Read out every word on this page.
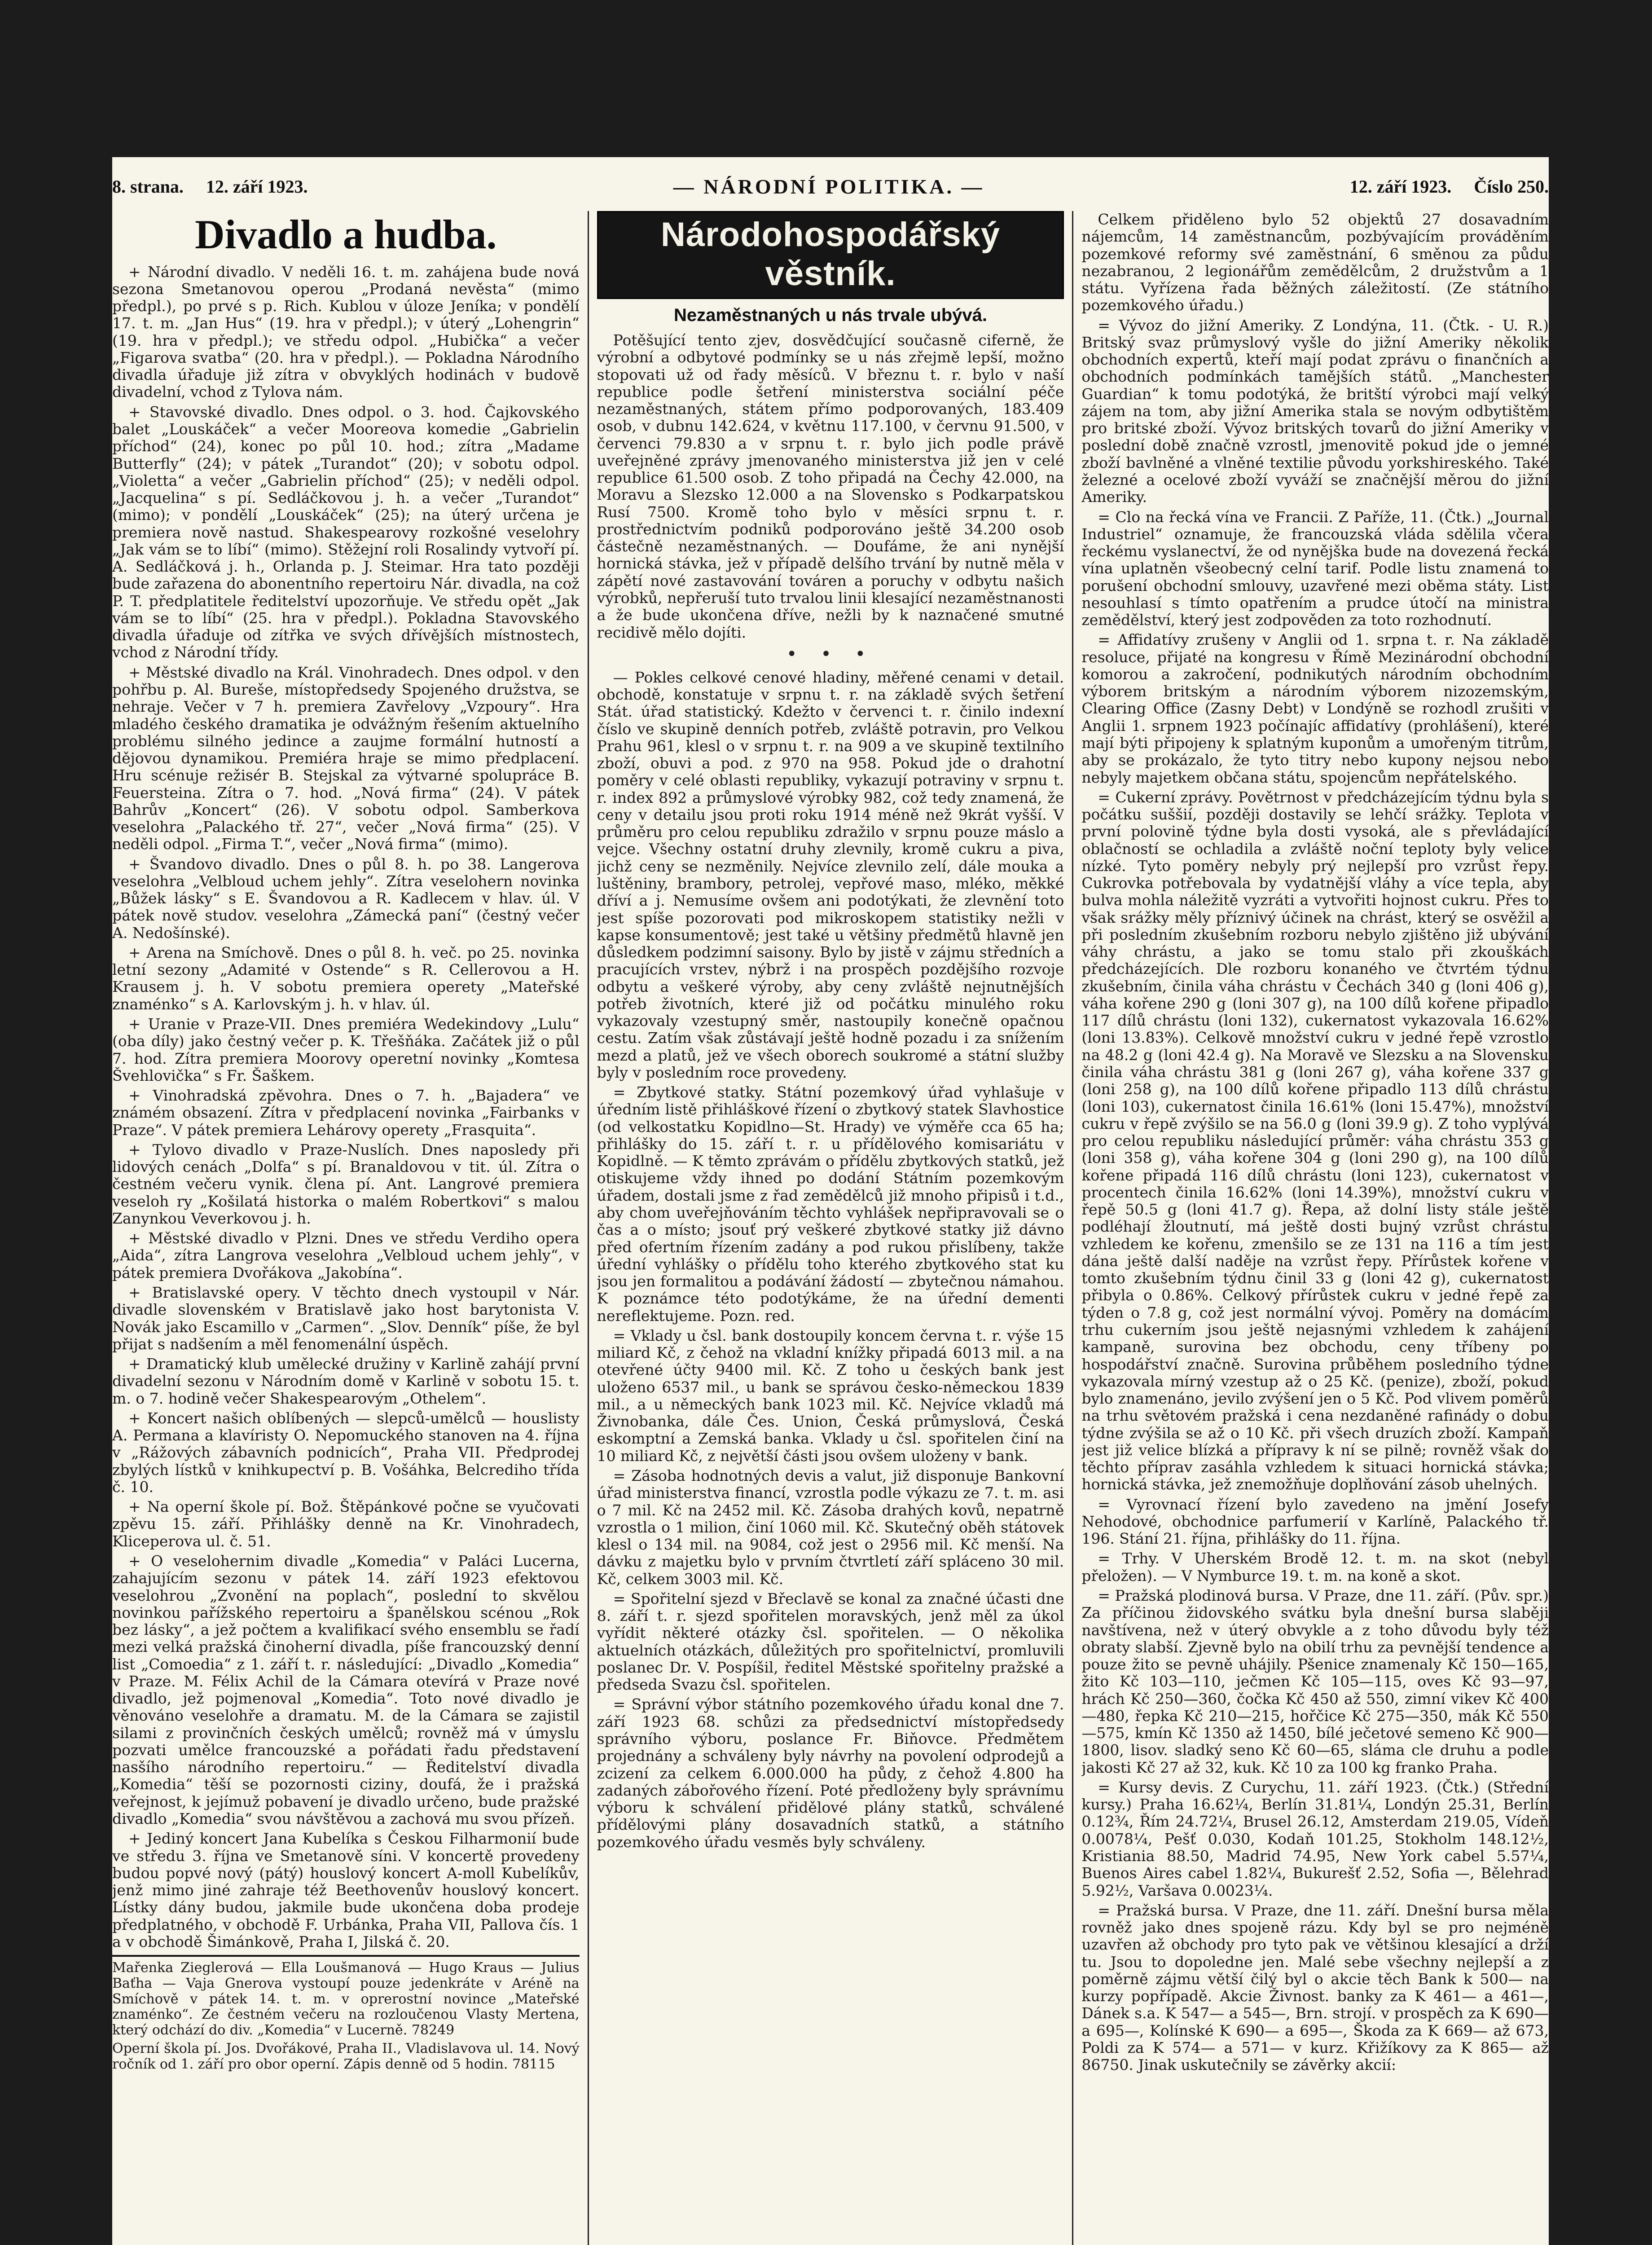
8. strana. 12. září 1923.	— NÁRODNÍ POLITIKA. —	12. září 1923. Číslo 250.
Divadlo a hudba.

+ Národní divadlo. V neděli 16. t. m. zahájena bude nová sezona Smetanovou operou „Prodaná nevěsta“ (mimo předpl.), po prvé s p. Rich. Kublou v úloze Jeníka; v pondělí 17. t. m. „Jan Hus“ (19. hra v předpl.); v úterý „Lohengrin“ (19. hra v předpl.); ve středu odpol. „Hubička“ a večer „Figarova svatba“ (20. hra v předpl.). — Pokladna Národního divadla úřaduje již zítra v obvyklých hodinách v budově divadelní, vchod z Tylova nám.

+ Stavovské divadlo. Dnes odpol. o 3. hod. Čajkovského balet „Louskáček“ a večer Mooreova komedie „Gabrielin příchod“ (24), konec po půl 10. hod.; zítra „Madame Butterfly“ (24); v pátek „Turandot“ (20); v sobotu odpol. „Violetta“ a večer „Gabrielin příchod“ (25); v neděli odpol. „Jacquelina“ s pí. Sedláčkovou j. h. a večer „Turandot“ (mimo); v pondělí „Louskáček“ (25); na úterý určena je premiera nově nastud. Shakespearovy rozkošné veselohry „Jak vám se to líbí“ (mimo). Stěžejní roli Rosalindy vytvoří pí. A. Sedláčková j. h., Orlanda p. J. Steimar. Hra tato později bude zařazena do abonentního repertoiru Nár. divadla, na což P. T. předplatitele ředitelství upozorňuje. Ve středu opět „Jak vám se to líbí“ (25. hra v předpl.). Pokladna Stavovského divadla úřaduje od zítřka ve svých dřívějších místnostech, vchod z Národní třídy.

+ Městské divadlo na Král. Vinohradech. Dnes odpol. v den pohřbu p. Al. Bureše, místopředsedy Spojeného družstva, se nehraje. Večer v 7 h. premiera Zavřelovy „Vzpoury“. Hra mladého českého dramatika je odvážným řešením aktuelního problému silného jedince a zaujme formální hutností a dějovou dynamikou. Premiéra hraje se mimo předplacení. Hru scénuje režisér B. Stejskal za výtvarné spolupráce B. Feuersteina. Zítra o 7. hod. „Nová firma“ (24). V pátek Bahrův „Koncert“ (26). V sobotu odpol. Samberkova veselohra „Palackého tř. 27“, večer „Nová firma“ (25). V neděli odpol. „Firma T.“, večer „Nová firma“ (mimo).

+ Švandovo divadlo. Dnes o půl 8. h. po 38. Langerova veselohra „Velbloud uchem jehly“. Zítra veselohern novinka „Bůžek lásky“ s E. Švandovou a R. Kadlecem v hlav. úl. V pátek nově studov. veselohra „Zámecká paní“ (čestný večer A. Nedošínské).

+ Arena na Smíchově. Dnes o půl 8. h. več. po 25. novinka letní sezony „Adamité v Ostende“ s R. Cellerovou a H. Krausem j. h. V sobotu premiera operety „Mateřské znaménko“ s A. Karlovským j. h. v hlav. úl.

+ Uranie v Praze-VII. Dnes premiéra Wedekindovy „Lulu“ (oba díly) jako čestný večer p. K. Třešňáka. Začátek již o půl 7. hod. Zítra premiera Moorovy operetní novinky „Komtesa Švehlovička“ s Fr. Šaškem.

+ Vinohradská zpěvohra. Dnes o 7. h. „Bajadera“ ve známém obsazení. Zítra v předplacení novinka „Fairbanks v Praze“. V pátek premiera Lehárovy operety „Frasquita“.

+ Tylovo divadlo v Praze-Nuslích. Dnes naposledy při lidových cenách „Dolfa“ s pí. Branaldovou v tit. úl. Zítra o čestném večeru vynik. členа pí. Ant. Langrové premiera veseloh ry „Košilatá historka o malém Robertkovi“ s malou Zanynkou Veverkovou j. h.

+ Městské divadlo v Plzni. Dnes ve středu Verdiho opera „Aida“, zítra Langrova veselohra „Velbloud uchem jehly“, v pátek premiera Dvořákova „Jakobína“.

+ Bratislavské opery. V těchto dnech vystoupil v Nár. divadle slovenském v Bratislavě jako host barytonista V. Novák jako Escamillo v „Carmen“. „Slov. Denník“ píše, že byl přijat s nadšením a měl fenomenální úspěch.

+ Dramatický klub umělecké družiny v Karlině zahájí první divadelní sezonu v Národním domě v Karlině v sobotu 15. t. m. o 7. hodině večer Shakespearovým „Othelem“.

+ Koncert našich oblíbených — slepců-umělců — houslisty A. Permana a klavíristy O. Nepomuckého stanoven na 4. října v „Rážových zábavních podnicích“, Praha VII. Předprodej zbylých lístků v knihkupectví p. B. Vošáhka, Belcrediho třída č. 10.

+ Na operní škole pí. Bož. Štěpánkové počne se vyučovati zpěvu 15. září. Přihlášky denně na Kr. Vinohradech, Kliceperova ul. č. 51.

+ O veselohernim divadle „Komedia“ v Paláci Lucerna, zahajujícím sezonu v pátek 14. září 1923 efektovou veselohrou „Zvonění na poplach“, poslední to skvělou novinkou pařížského repertoiru a španělskou scénou „Rok bez lásky“, a jež počtem a kvalifikací svého ensemblu se řadí mezi velká pražská činoherní divadla, píše francouzský denní list „Comoedia“ z 1. září t. r. následující: „Divadlo „Komedia“ v Praze. M. Félix Achil de la Cámara otevírá v Praze nové divadlo, jež pojmenoval „Komedia“. Toto nové divadlo je věnováno veselohře a dramatu. M. de la Cámara se zajistil silami z provinčních českých umělců; rovněž má v úmyslu pozvati umělce francouzské a pořádati řadu představení nasšího národního repertoiru.“ — Ředitelství divadla „Komedia“ těší se pozornosti cizinу, doufá, že i pražská veřejnost, k jejímuž pobavení je divadlo určeno, bude pražské divadlo „Komedia“ svou návštěvou a zachová mu svou přízeň.

+ Jediný koncert Jana Kubelíka s Českou Filharmonií bude ve středu 3. října ve Smetanově síni. V koncertě provedeny budou popvé nový (pátý) houslový koncert A-moll Kubelíkův, jenž mimo jiné zahraje též Beethovenův houslový koncert. Lístky dány budou, jakmile bude ukončena doba prodeje předplatného, v obchodě F. Urbánka, Praha VII, Pallova čís. 1 a v obchodě Šimánkově, Praha I, Jilská č. 20.

Mařenka Zieglerová — Ella Loušmanová — Hugo Kraus — Julius Baťha — Vaja Gnerova vystoupí pouze jedenkráte v Aréně na Smíchově v pátek 14. t. m. v oprerostní novince „Mateřské znaménko“. Ze čestném večeru na rozloučenou Vlasty Mertena, který odchází do div. „Komedia“ v Lucerně. 78249

Operní škola pí. Jos. Dvořákové, Praha II., Vladislavova ul. 14. Nový ročník od 1. září pro obor operní. Zápis denně od 5 hodin. 78115

Národohospodářský věstník.
Nezaměstnaných u nás trvale ubývá.

Potěšující tento zjev, dosvědčující současně ciferně, že výrobní a odbytové podmínky se u nás zřejmě lepší, možno stopovati už od řady měsíců. V březnu t. r. bylo v naší republice podle šetření ministerstva sociální péče nezaměstnaných, státem přímo podporovaných, 183.409 osob, v dubnu 142.624, v květnu 117.100, v červnu 91.500, v červenci 79.830 a v srpnu t. r. bylo jich podle právě uveřejněné zprávy jmenovaného ministerstva již jen v celé republice 61.500 osob. Z toho připadá na Čechy 42.000, na Moravu a Slezsko 12.000 a na Slovensko s Podkarpatskou Rusí 7500. Kromě toho bylo v měsíci srpnu t. r. prostřednictvím podniků podporováno ještě 34.200 osob částečně nezaměstnaných. — Doufáme, že ani nynější hornická stávka, jež v případě delšího trvání by nutně měla v zápětí nové zastavování továren a poruchy v odbytu našich výrobků, nepřeruší tuto trvalou linii klesající nezaměstnanosti a že bude ukončena dříve, nežli by k naznačené smutné recidivě mělo dojíti.

• • •

— Pokles celkové cenové hladiny, měřené cenami v detail. obchodě, konstatuje v srpnu t. r. na základě svých šetření Stát. úřad statistický. Kdežto v červenci t. r. činilo indexní číslo ve skupině denních potřeb, zvláště potravin, pro Velkou Prahu 961, klesl o v srpnu t. r. na 909 a ve skupině textilního zboží, obuvi a pod. z 970 na 958. Pokud jde o drahotní poměry v celé oblasti republiky, vykazují potraviny v srpnu t. r. index 892 a průmyslové výrobky 982, což tedy znamená, že ceny v detailu jsou proti roku 1914 méně než 9krát vyšší. V průměru pro celou republiku zdražilo v srpnu pouze máslo a vejce. Všechny ostatní druhy zlevnily, kromě cukru a piva, jichž ceny se nezměnily. Nejvíce zlevnilo zelí, dále mouka a luštěniny, brambory, petrolej, vepřové maso, mléko, měkké dříví a j. Nemusíme ovšem ani podotýkati, že zlevnění toto jest spíše pozorovati pod mikroskopem statistiky nežli v kapse konsumentově; jest také u většiny předmětů hlavně jen důsledkem podzimní saisony. Bylo by jistě v zájmu středních a pracujících vrstev, nýbrž i na prospěch pozdějšího rozvoje odbytu a veškeré výroby, aby ceny zvláště nejnutnějších potřeb životních, které již od počátku minulého roku vykazovaly vzestupný směr, nastoupily konečně opačnou cestu. Zatím však zůstávají ještě hodně pozadu i za snížením mezd a platů, jež ve všech oborech soukromé a státní služby byly v posledním roce provedeny.

= Zbytkové statky. Státní pozemkový úřad vyhlašuje v úředním listě přihláškové řízení o zbytkový statek Slavhostice (od velkostatku Kopidlno—St. Hrady) ve výměře cca 65 ha; přihlášky do 15. září t. r. u přídělového komisariátu v Kopidlně. — K těmto zprávám o přídělu zbytkových statků, jež otiskujeme vždy ihned po dodání Státním pozemkovým úřadem, dostali jsme z řad zemědělců již mnoho připisů i t.d., aby chom uveřejňováním těchto vyhlášek nepřipravovali se o čas a o místo; jsouť prý veškeré zbytkové statky již dávno před ofertním řízením zadány a pod rukou přislíbeny, takže úřední vyhlášky o přídělu toho kterého zbytkového stat ku jsou jen formalitou a podávání žádostí — zbytečnou námahou. K poznámce této podotýkáme, že na úřední dementi nereflektujeme. Pozn. red.

= Vklady u čsl. bank dostoupily koncem června t. r. výše 15 miliard Kč, z čehož na vkladní knížky připadá 6013 mil. a na otevřené účty 9400 mil. Kč. Z toho u českých bank jest uloženo 6537 mil., u bank se správou česko-německou 1839 mil., a u německých bank 1023 mil. Kč. Nejvíce vkladů má Živnobanka, dále Čes. Union, Česká průmyslová, Česká eskomptní a Zemská banka. Vklady u čsl. spořitelen činí na 10 miliard Kč, z největší části jsou ovšem uloženy v bank.

= Zásoba hodnotných devis a valut, již disponuje Bankovní úřad ministerstva financí, vzrostla podle výkazu ze 7. t. m. asi o 7 mil. Kč na 2452 mil. Kč. Zásoba drahých kovů, nepatrně vzrostla o 1 milion, činí 1060 mil. Kč. Skutečný oběh státovek klesl o 134 mil. na 9084, což jest o 2956 mil. Kč menší. Na dávku z majetku bylo v prvním čtvrtletí září spláceno 30 mil. Kč, celkem 3003 mil. Kč.

= Spořitelní sjezd v Břeclavě se konal za značné účasti dne 8. září t. r. sjezd spořitelen moravských, jenž měl za úkol vyřídit některé otázky čsl. spořitelen. — O několika aktuelních otázkách, důležitých pro spořitelnictví, promluvili poslanec Dr. V. Pospíšil, ředitel Městské spořitelny pražské a předseda Svazu čsl. spořitelen.

= Správní výbor státního pozemkového úřadu konal dne 7. září 1923 68. schůzi za předsednictví místopředsedy správního výboru, poslance Fr. Biňovce. Předmětem projednány a schváleny byly návrhy na povolení odprodejů a zcizení za celkem 6.000.000 ha půdy, z čehož 4.800 ha zadaných zábořového řízení. Poté předloženy byly správnímu výboru k schválení přidělové plány statků, schválené přídělovými plány dosavadních statků, a státního pozemkového úřadu vesměs byly schváleny.

Celkem přiděleno bylo 52 objektů 27 dosavadním nájemcům, 14 zaměstnancům, pozbývajícím prováděním pozemkové reformy své zaměstnání, 6 směnou za půdu nezabranou, 2 legionářům zemědělcům, 2 družstvům a 1 státu. Vyřízena řada běžných záležitostí. (Ze státního pozemkového úřadu.)

= Vývoz do jižní Ameriky. Z Londýna, 11. (Čtk. - U. R.) Britský svaz průmyslový vyšle do jižní Ameriky několik obchodních expertů, kteří mají podat zprávu o finančních a obchodních podmínkách tamějších států. „Manchester Guardian“ k tomu podotýká, že britští výrobci mají velký zájem na tom, aby jižní Amerika stala se novým odbytištěm pro britské zboží. Vývoz britských tovarů do jižní Ameriky v poslední době značně vzrostl, jmenovitě pokud jde o jemné zboží bavlněné a vlněné textilie původu yorkshireského. Také železné a ocelové zboží vyváží se značnější měrou do jižní Ameriky.

= Clo na řecká vína ve Francii. Z Paříže, 11. (Čtk.) „Journal Industriel“ oznamuje, že francouzská vláda sdělila včera řeckému vyslanectví, že od nynějška bude na dovezená řecká vína uplatněn všeobecný celní tarif. Podle listu znamená to porušení obchodní smlouvy, uzavřené mezi oběma státy. List nesouhlasí s tímto opatřením a prudce útočí na ministra zemědělství, který jest zodpověden za toto rozhodnutí.

= Affidatívy zrušeny v Anglii od 1. srpna t. r. Na základě resoluce, přijaté na kongresu v Římě Mezinárodní obchodní komorou a zakročení, podnikutých národním obchodním výborem britským a národním výborem nizozemským, Clearing Office (Zasny Debt) v Londýně se rozhodl zrušiti v Anglii 1. srpnem 1923 počínajíc affidatívy (prohlášení), které mají býti připojeny k splatným kuponům a umořeným titrům, aby se prokázalo, že tyto titry nebo kupony nejsou nebo nebyly majetkem občana státu, spojencům nepřátelského.

= Cukerní zprávy. Povětrnost v předcházejícím týdnu byla s počátku suššií, později dostavily se lehčí srážky. Teplota v první polovině týdne byla dosti vysoká, ale s převládající oblačností se ochladila a zvláště noční teploty byly velice nízké. Tyto poměry nebyly prý nejlepší pro vzrůst řepy. Cukrovka potřebovala by vydatnější vláhy a více tepla, aby bulva mohla náležitě vyzráti a vytvořiti hojnost cukru. Přes to však srážky měly příznivý účinek na chrást, který se osvěžil a při posledním zkušebním rozboru nebylo zjištěno již ubývání váhy chrástu, a jako se tomu stalo při zkouškách předcházejících. Dle rozboru konaného ve čtvrtém týdnu zkušebním, činila váha chrástu v Čechách 340 g (loni 406 g), váha kořene 290 g (loni 307 g), na 100 dílů kořene připadlo 117 dílů chrástu (loni 132), cukernatost vykazovala 16.62% (loni 13.83%). Celkově množství cukru v jedné řepě vzrostlo na 48.2 g (loni 42.4 g). Na Moravě ve Slezsku a na Slovensku činila váha chrástu 381 g (loni 267 g), váha kořene 337 g (loni 258 g), na 100 dílů kořene připadlo 113 dílů chrástu (loni 103), cukernatost činila 16.61% (loni 15.47%), množství cukru v řepě zvýšilo se na 56.0 g (loni 39.9 g). Z toho vyplývá pro celou republiku následující průměr: váha chrástu 353 g (loni 358 g), váha kořene 304 g (loni 290 g), na 100 dílů kořene připadá 116 dílů chrástu (loni 123), cukernatost v procentech činila 16.62% (loni 14.39%), množství cukru v řepě 50.5 g (loni 41.7 g). Řepa, až dolní listy stále ještě podléhají žloutnutí, má ještě dosti bujný vzrůst chrástu vzhledem ke kořenu, zmenšilo se ze 131 na 116 a tím jest dána ještě další naděje na vzrůst řepy. Přírůstek kořene v tomto zkušebním týdnu činil 33 g (loni 42 g), cukernatost přibyla o 0.86%. Celkový přírůstek cukru v jedné řepě za týden o 7.8 g, což jest normální vývoj. Poměry na domácím trhu cukerním jsou ještě nejasnými vzhledem k zahájení kampaně, surovina bez obchodu, ceny tříbeny po hospodářství značně. Surovina průběhem posledního týdne vykazovala mírný vzestup až o 25 Kč. (penize), zboží, pokud bylo znamenáno, jevilo zvýšení jen o 5 Kč. Pod vlivem poměrů na trhu světovém pražská i cena nezdaněné rafinády o dobu týdne zvýšila se až o 10 Kč. při všech druzích zboží. Kampaň jest již velice blízká a přípravy k ní se pilně; rovněž však do těchto příprav zasáhla vzhledem k situaci hornická stávka; hornická stávka, jež znemožňuje doplňování zásob uhelných.

= Vyrovnací řízení bylo zavedeno na jmění Josefy Nehodové, obchodnice parfumerií v Karlíně, Palackého tř. 196. Stání 21. října, přihlášky do 11. října.

= Trhy. V Uherském Brodě 12. t. m. na skot (nebyl přeložen). — V Nymburce 19. t. m. na koně a skot.

= Pražská plodinová bursa. V Praze, dne 11. září. (Pův. spr.) Za příčinou židovského svátku byla dnešní bursa slaběji navštívena, než v úterý obvykle a z toho důvodu byly též obraty slabší. Zjevně bylo na obilí trhu za pevnější tendence a pouze žito se pevně uhájily. Pšenice znamenaly Kč 150—165, žito Kč 103—110, ječmen Kč 105—115, oves Kč 93—97, hrách Kč 250—360, čočka Kč 450 až 550, zimní vikev Kč 400—480, řepka Kč 210—215, hořčice Kč 275—350, mák Kč 550—575, kmín Kč 1350 až 1450, bílé ječetové semeno Kč 900—1800, lisov. sladký seno Kč 60—65, sláma cle druhu a podle jakosti Kč 27 až 32, kuk. Kč 10 za 100 kg franko Praha.

= Kursy devis. Z Curychu, 11. září 1923. (Čtk.) (Střední kursy.) Praha 16.62¼, Berlín 31.81¼, Londýn 25.31, Berlín 0.12¾, Řím 24.72¼, Brusel 26.12, Amsterdam 219.05, Vídeň 0.0078¼, Pešť 0.030, Kodaň 101.25, Stokholm 148.12½, Kristiania 88.50, Madrid 74.95, New York cabel 5.57¼, Buenos Aires cabel 1.82¼, Bukurešť 2.52, Sofia —, Bělehrad 5.92½, Varšava 0.0023¼.

= Pražská bursa. V Praze, dne 11. září. Dnešní bursa měla rovněž jako dnes spojeně rázu. Kdy byl se pro nejméně uzavřen až obchody pro tyto pak ve většinou klesající a drží tu. Jsou to dopoledne jen. Malé sebe všechny nejlepší a z poměrně zájmu větší čilý byl o akcie těch Bank k 500— na kurzy popřípadě. Akcie Živnost. banky za K 461— a 461—, Dánek s.a. K 547— a 545—, Brn. strojí. v prospěch za K 690— a 695—, Kolínské K 690— a 695—, Škoda za K 669— až 673, Poldi za K 574— a 571— v kurz. Křižíkovy za K 865— až 86750. Jinak uskutečnily se závěrky akcií:
